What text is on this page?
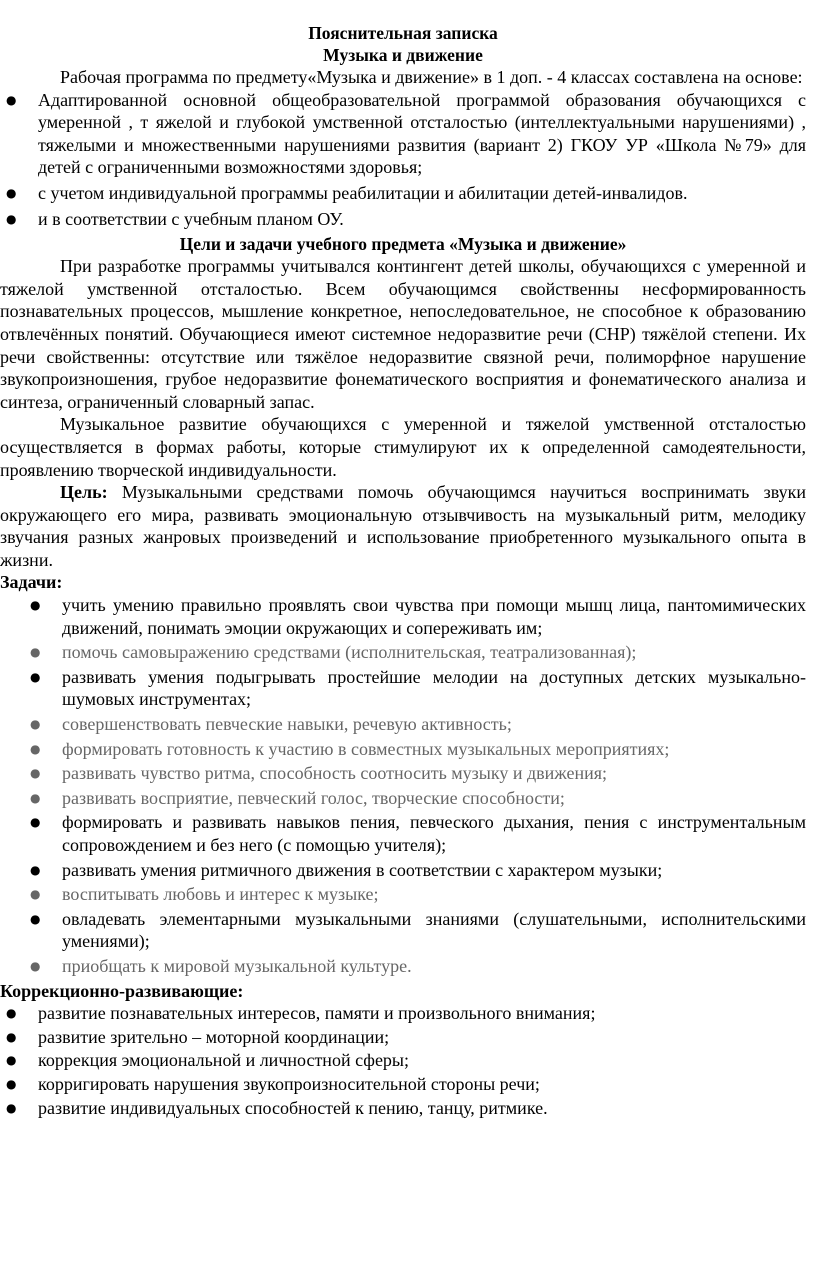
Пояснительная записка

Музыка и движение

Рабочая программа по предмету«Музыка и движение» в 1 доп. - 4 классах составлена на основе:

● Адаптированной основной общеобразовательной программой образования обучающихся с умеренной , т яжелой и глубокой умственной отсталостью (интеллектуальными нарушениями) , тяжелыми и множественными нарушениями развития (вариант 2) ГКОУ УР «Школа №79» для детей с ограниченными возможностями здоровья;
● с учетом индивидуальной программы реабилитации и абилитации детей-инвалидов.
● и в соответствии с учебным планом ОУ.

Цели и задачи учебного предмета «Музыка и движение»

При разработке программы учитывался контингент детей школы, обучающихся с умеренной и тяжелой умственной отсталостью. Всем обучающимся свойственны несформированность познавательных процессов, мышление конкретное, непоследовательное, не способное к образованию отвлечённых понятий. Обучающиеся имеют системное недоразвитие речи (СНР) тяжёлой степени. Их речи свойственны: отсутствие или тяжёлое недоразвитие связной речи, полиморфное нарушение звукопроизношения, грубое недоразвитие фонематического восприятия и фонематического анализа и синтеза, ограниченный словарный запас.

Музыкальное развитие обучающихся с умеренной и тяжелой умственной отсталостью осуществляется в формах работы, которые стимулируют их к определенной самодеятельности, проявлению творческой индивидуальности.

Цель: Музыкальными средствами помочь обучающимся научиться воспринимать звуки окружающего его мира, развивать эмоциональную отзывчивость на музыкальный ритм, мелодику звучания разных жанровых произведений и использование приобретенного музыкального опыта в жизни.

Задачи:

● учить умению правильно проявлять свои чувства при помощи мышц лица, пантомимических движений, понимать эмоции окружающих и сопереживать им;
● помочь самовыражению средствами (исполнительская, театрализованная);
● развивать умения подыгрывать простейшие мелодии на доступных детских музыкально-шумовых инструментах;
● совершенствовать певческие навыки, речевую активность;
● формировать готовность к участию в совместных музыкальных мероприятиях;
● развивать чувство ритма, способность соотносить музыку и движения;
● развивать восприятие, певческий голос, творческие способности;
● формировать и развивать навыков пения, певческого дыхания, пения с инструментальным сопровождением и без него (с помощью учителя);
● развивать умения ритмичного движения в соответствии с характером музыки;
● воспитывать любовь и интерес к музыке;
● овладевать элементарными музыкальными знаниями (слушательными, исполнительскими умениями);
● приобщать к мировой музыкальной культуре.

Коррекционно-развивающие:

● развитие познавательных интересов, памяти и произвольного внимания;
● развитие зрительно – моторной координации;
● коррекция эмоциональной и личностной сферы;
● корригировать нарушения звукопроизносительной стороны речи;
● развитие индивидуальных способностей к пению, танцу, ритмике.
